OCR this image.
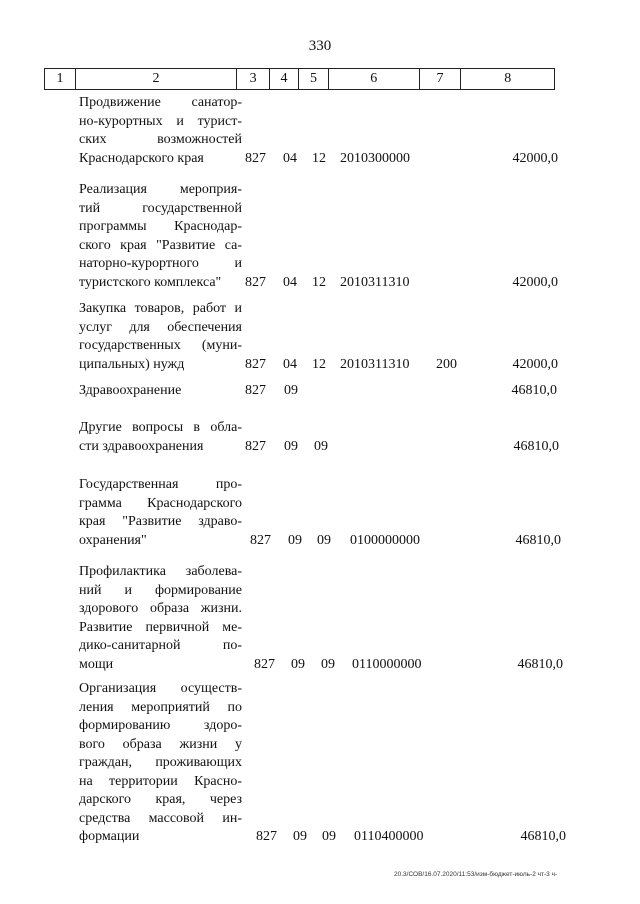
330
1	2	3	4	5	6	7	8
Продвижение санатор-
но-курортных и турист-
ских возможностей
Краснодарского края	827 04 12 2010300000	42000,0
Реализация мероприя-
тий государственной
программы Краснодар-
ского края "Развитие са-
наторно-курортного и
туристского комплекса"	827 04 12 2010311310	42000,0
Закупка товаров, работ и
услуг для обеспечения
государственных (муни-
ципальных) нужд	827 04 12 2010311310 200	42000,0
Здравоохранение	827 09	46810,0
Другие вопросы в обла-
сти здравоохранения	827 09 09	46810,0
Государственная про-
грамма Краснодарского
края "Развитие здраво-
охранения"	827 09 09 0100000000	46810,0
Профилактика заболева-
ний и формирование
здорового образа жизни.
Развитие первичной ме-
дико-санитарной по-
мощи	827 09 09 0110000000	46810,0
Организация осуществ-
ления мероприятий по
формированию здоро-
вого образа жизни у
граждан, проживающих
на территории Красно-
дарского края, через
средства массовой ин-
формации	827 09 09 0110400000	46810,0
20.3/СОВ/16.07.2020/11:53/изм-бюджет-июль-2 чт-3 ч-
